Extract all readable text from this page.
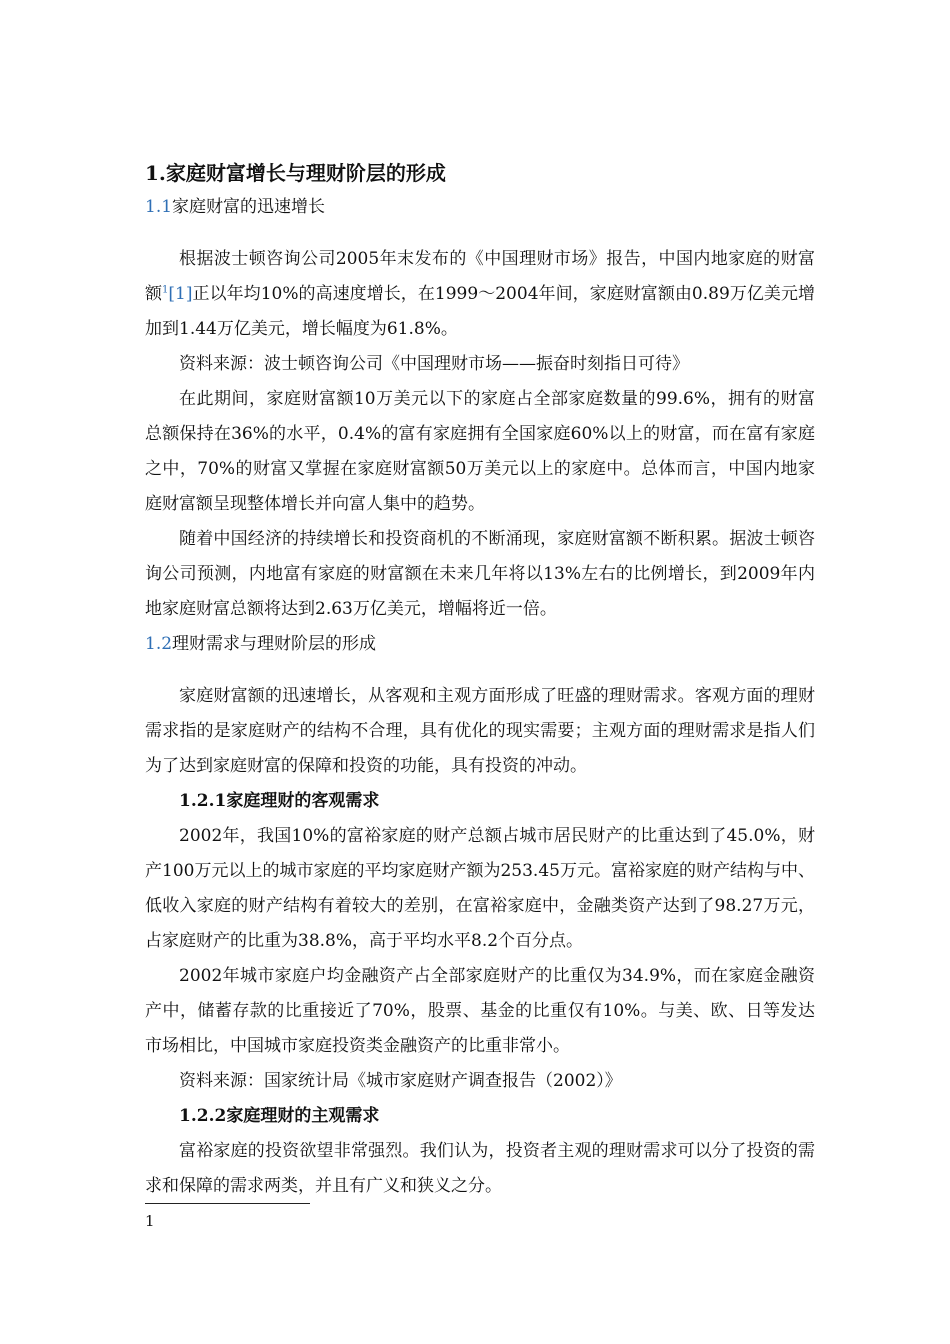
1.家庭财富增长与理财阶层的形成
1.1家庭财富的迅速增长

根据波士顿咨询公司2005年末发布的《中国理财市场》报告，中国内地家庭的财富额$^1$[1]正以年均10%的高速度增长，在1999～2004年间，家庭财富额由0.89万亿美元增加到1.44万亿美元，增长幅度为61.8%。

资料来源：波士顿咨询公司《中国理财市场——振奋时刻指日可待》

在此期间，家庭财富额10万美元以下的家庭占全部家庭数量的99.6%，拥有的财富总额保持在36%的水平，0.4%的富有家庭拥有全国家庭60%以上的财富，而在富有家庭之中，70%的财富又掌握在家庭财富额50万美元以上的家庭中。总体而言，中国内地家庭财富额呈现整体增长并向富人集中的趋势。

随着中国经济的持续增长和投资商机的不断涌现，家庭财富额不断积累。据波士顿咨询公司预测，内地富有家庭的财富额在未来几年将以13%左右的比例增长，到2009年内地家庭财富总额将达到2.63万亿美元，增幅将近一倍。

1.2理财需求与理财阶层的形成

家庭财富额的迅速增长，从客观和主观方面形成了旺盛的理财需求。客观方面的理财需求指的是家庭财产的结构不合理，具有优化的现实需要；主观方面的理财需求是指人们为了达到家庭财富的保障和投资的功能，具有投资的冲动。

1.2.1家庭理财的客观需求

2002年，我国10%的富裕家庭的财产总额占城市居民财产的比重达到了45.0%，财产100万元以上的城市家庭的平均家庭财产额为253.45万元。富裕家庭的财产结构与中、低收入家庭的财产结构有着较大的差别，在富裕家庭中，金融类资产达到了98.27万元，占家庭财产的比重为38.8%，高于平均水平8.2个百分点。

2002年城市家庭户均金融资产占全部家庭财产的比重仅为34.9%，而在家庭金融资产中，储蓄存款的比重接近了70%，股票、基金的比重仅有10%。与美、欧、日等发达市场相比，中国城市家庭投资类金融资产的比重非常小。

资料来源：国家统计局《城市家庭财产调查报告（2002）》

1.2.2家庭理财的主观需求

富裕家庭的投资欲望非常强烈。我们认为，投资者主观的理财需求可以分了投资的需求和保障的需求两类，并且有广义和狭义之分。

1
